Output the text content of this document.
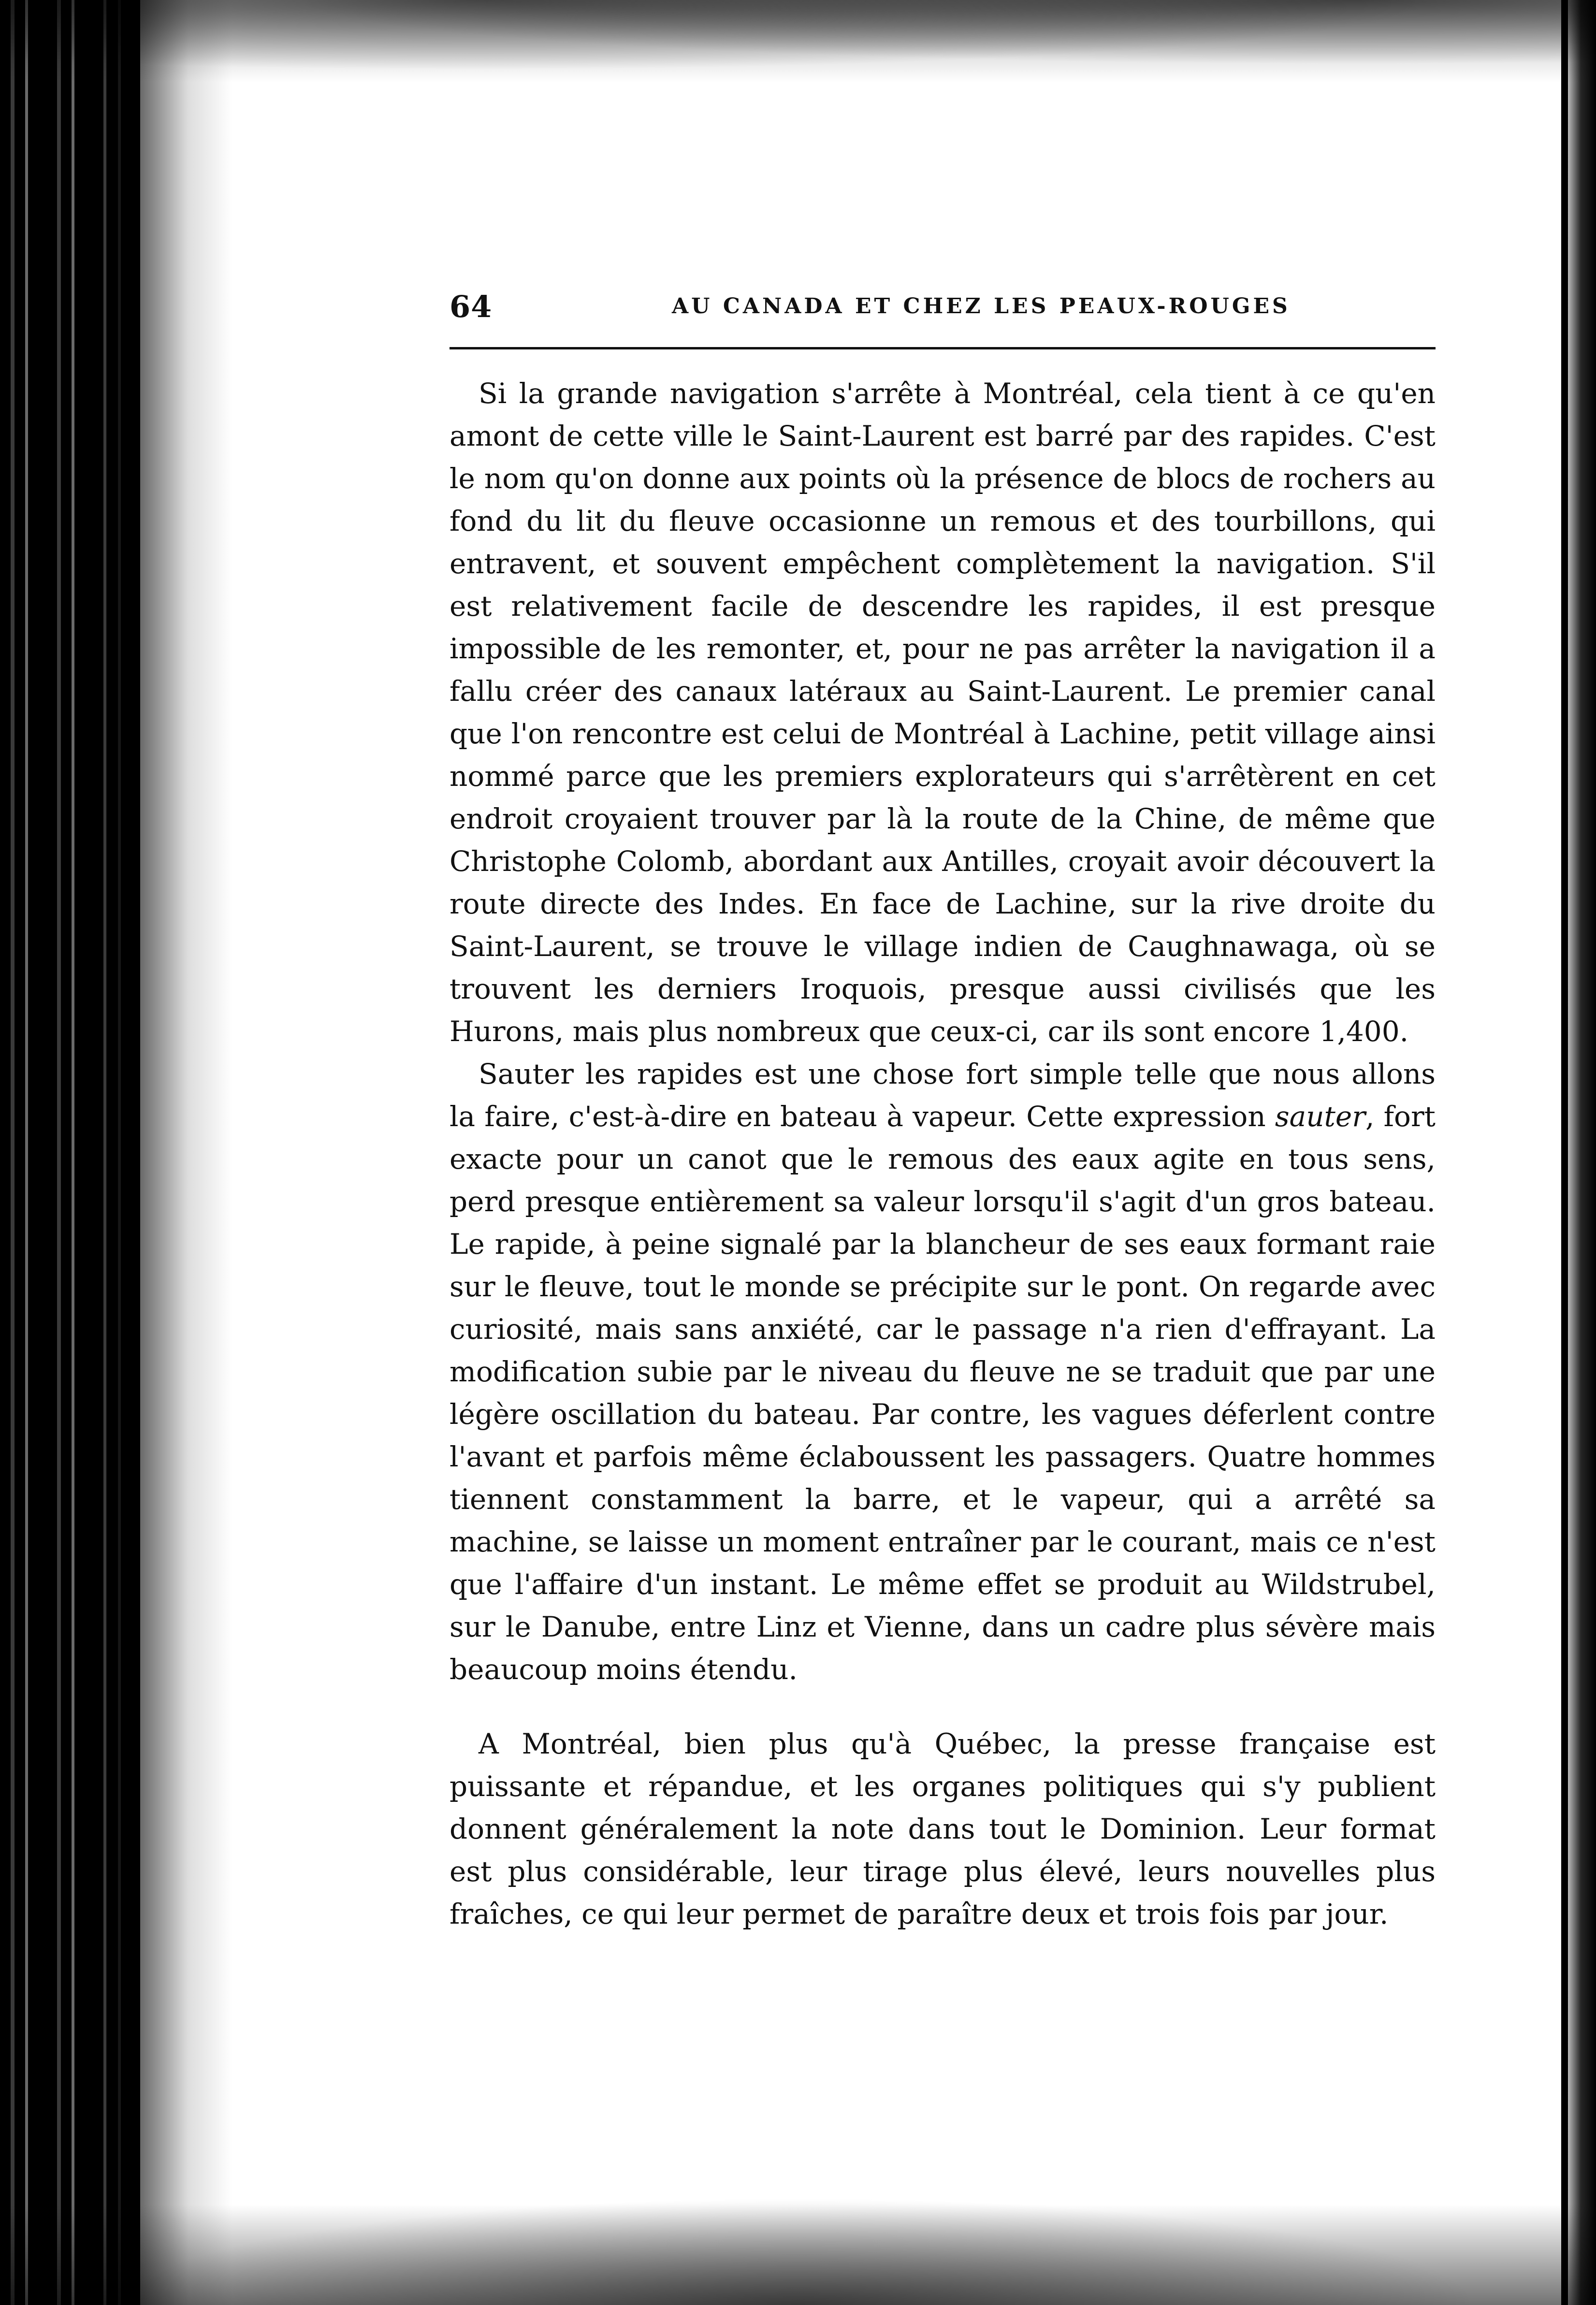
64	AU CANADA ET CHEZ LES PEAUX-ROUGES

Si la grande navigation s'arrête à Montréal, cela tient à ce qu'en amont de cette ville le Saint-Laurent est barré par des rapides. C'est le nom qu'on donne aux points où la présence de blocs de rochers au fond du lit du fleuve occasionne un remous et des tourbillons, qui entravent, et souvent empêchent complètement la navigation. S'il est relativement facile de descendre les rapides, il est presque impossible de les remonter, et, pour ne pas arrêter la navigation il a fallu créer des canaux latéraux au Saint-Laurent. Le premier canal que l'on rencontre est celui de Montréal à Lachine, petit village ainsi nommé parce que les premiers explorateurs qui s'arrêtèrent en cet endroit croyaient trouver par là la route de la Chine, de même que Christophe Colomb, abordant aux Antilles, croyait avoir découvert la route directe des Indes. En face de Lachine, sur la rive droite du Saint-Laurent, se trouve le village indien de Caughnawaga, où se trouvent les derniers Iroquois, presque aussi civilisés que les Hurons, mais plus nombreux que ceux-ci, car ils sont encore 1,400.

Sauter les rapides est une chose fort simple telle que nous allons la faire, c'est-à-dire en bateau à vapeur. Cette expression sauter, fort exacte pour un canot que le remous des eaux agite en tous sens, perd presque entièrement sa valeur lorsqu'il s'agit d'un gros bateau. Le rapide, à peine signalé par la blancheur de ses eaux formant raie sur le fleuve, tout le monde se précipite sur le pont. On regarde avec curiosité, mais sans anxiété, car le passage n'a rien d'effrayant. La modification subie par le niveau du fleuve ne se traduit que par une légère oscillation du bateau. Par contre, les vagues déferlent contre l'avant et parfois même éclaboussent les passagers. Quatre hommes tiennent constamment la barre, et le vapeur, qui a arrêté sa machine, se laisse un moment entraîner par le courant, mais ce n'est que l'affaire d'un instant. Le même effet se produit au Wildstrubel, sur le Danube, entre Linz et Vienne, dans un cadre plus sévère mais beaucoup moins étendu.

A Montréal, bien plus qu'à Québec, la presse française est puissante et répandue, et les organes politiques qui s'y publient donnent généralement la note dans tout le Dominion. Leur format est plus considérable, leur tirage plus élevé, leurs nouvelles plus fraîches, ce qui leur permet de paraître deux et trois fois par jour.
